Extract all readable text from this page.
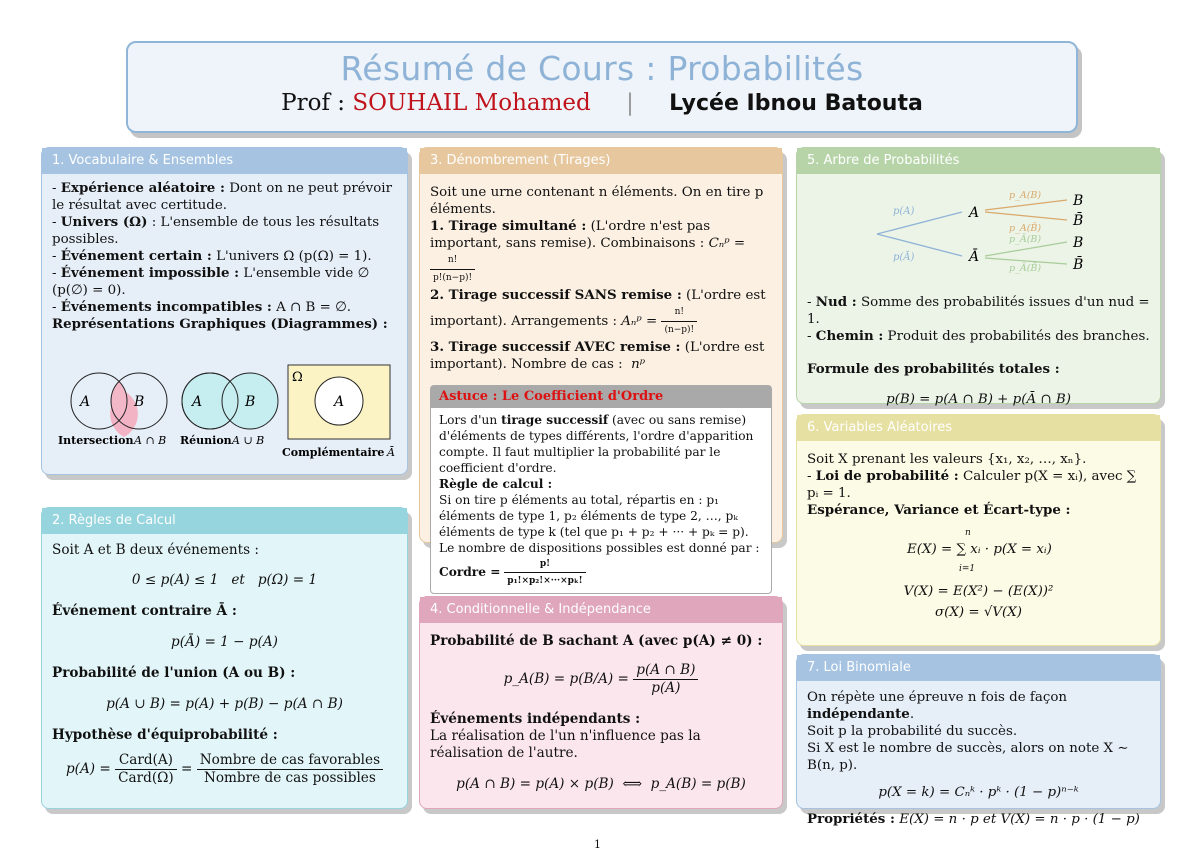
Résumé de Cours : Probabilités
Prof : SOUHAIL Mohamed | Lycée Ibnou Batouta
1. Vocabulaire & Ensembles
- Expérience aléatoire : Dont on ne peut prévoir le résultat avec certitude.
- Univers (Ω) : L'ensemble de tous les résultats possibles.
- Événement certain : L'univers Ω (p(Ω) = 1).
- Événement impossible : L'ensemble vide ∅ (p(∅) = 0).
- Événements incompatibles : A ∩ B = ∅.
Représentations Graphiques (Diagrammes) :
A	B
Intersection A ∩ B
A	B
Réunion A ∪ B
Ω
A
Complémentaire Ā
2. Règles de Calcul
Soit A et B deux événements :
0 ≤ p(A) ≤ 1   et   p(Ω) = 1
Événement contraire Ā :
p(Ā) = 1 − p(A)
Probabilité de l'union (A ou B) :
p(A ∪ B) = p(A) + p(B) − p(A ∩ B)
Hypothèse d'équiprobabilité :
$p(A) = \frac{\text{Card(A)}}{\text{Card(Ω)}} = \frac{\text{Nombre de cas favorables}}{\text{Nombre de cas possibles}}$
3. Dénombrement (Tirages)
Soit une urne contenant n éléments. On en tire p éléments.
1. Tirage simultané : (L'ordre n'est pas important, sans remise). Combinaisons : Cₙᵖ =
$\frac{n!}{p!(n-p)!}$
2. Tirage successif SANS remise : (L'ordre est important). Arrangements : Aₙᵖ = $\frac{n!}{(n-p)!}$
3. Tirage successif AVEC remise : (L'ordre est important). Nombre de cas : nᵖ
Astuce : Le Coefficient d'Ordre
Lors d'un tirage successif (avec ou sans remise) d'éléments de types différents, l'ordre d'apparition compte. Il faut multiplier la probabilité par le coefficient d'ordre.
Règle de calcul :
Si on tire p éléments au total, répartis en : p₁ éléments de type 1, p₂ éléments de type 2, …, pₖ éléments de type k (tel que p₁ + p₂ + ··· + pₖ = p).
Le nombre de dispositions possibles est donné par :
Cordre = $\frac{p!}{\text{p₁!×p₂!×···×pₖ!}}$
4. Conditionnelle & Indépendance
Probabilité de B sachant A (avec p(A) ≠ 0) :
p_A(B) = $p(B/A) = \frac{p(A \cap B)}{p(A)}$
Événements indépendants :
La réalisation de l'un n'influence pas la réalisation de l'autre.
p(A ∩ B) = p(A) × p(B)  ⟺  p_A(B) = p(B)
5. Arbre de Probabilités
p(A)
p(Ā)
A
Ā
p_A(B)
p_A(B̄)
p_Ā(B)
p_Ā(B̄)
B
B̄
B
B̄
- Nud : Somme des probabilités issues d'un nud = 1.
- Chemin : Produit des probabilités des branches.
Formule des probabilités totales :
p(B) = p(A ∩ B) + p(Ā ∩ B)
6. Variables Aléatoires
Soit X prenant les valeurs {x₁, x₂, …, xₙ}.
- Loi de probabilité : Calculer p(X = xᵢ), avec ∑ pᵢ = 1.
Espérance, Variance et Écart-type :
n
E(X) = ∑ xᵢ · p(X = xᵢ)
i=1
V(X) = E(X²) − (E(X))²
σ(X) = √V(X)
7. Loi Binomiale
On répète une épreuve n fois de façon indépendante.
Soit p la probabilité du succès.
Si X est le nombre de succès, alors on note X ∼ B(n, p).
p(X = k) = Cₙᵏ · pᵏ · (1 − p)ⁿ⁻ᵏ
Propriétés : E(X) = n · p et V(X) = n · p · (1 − p)
1
